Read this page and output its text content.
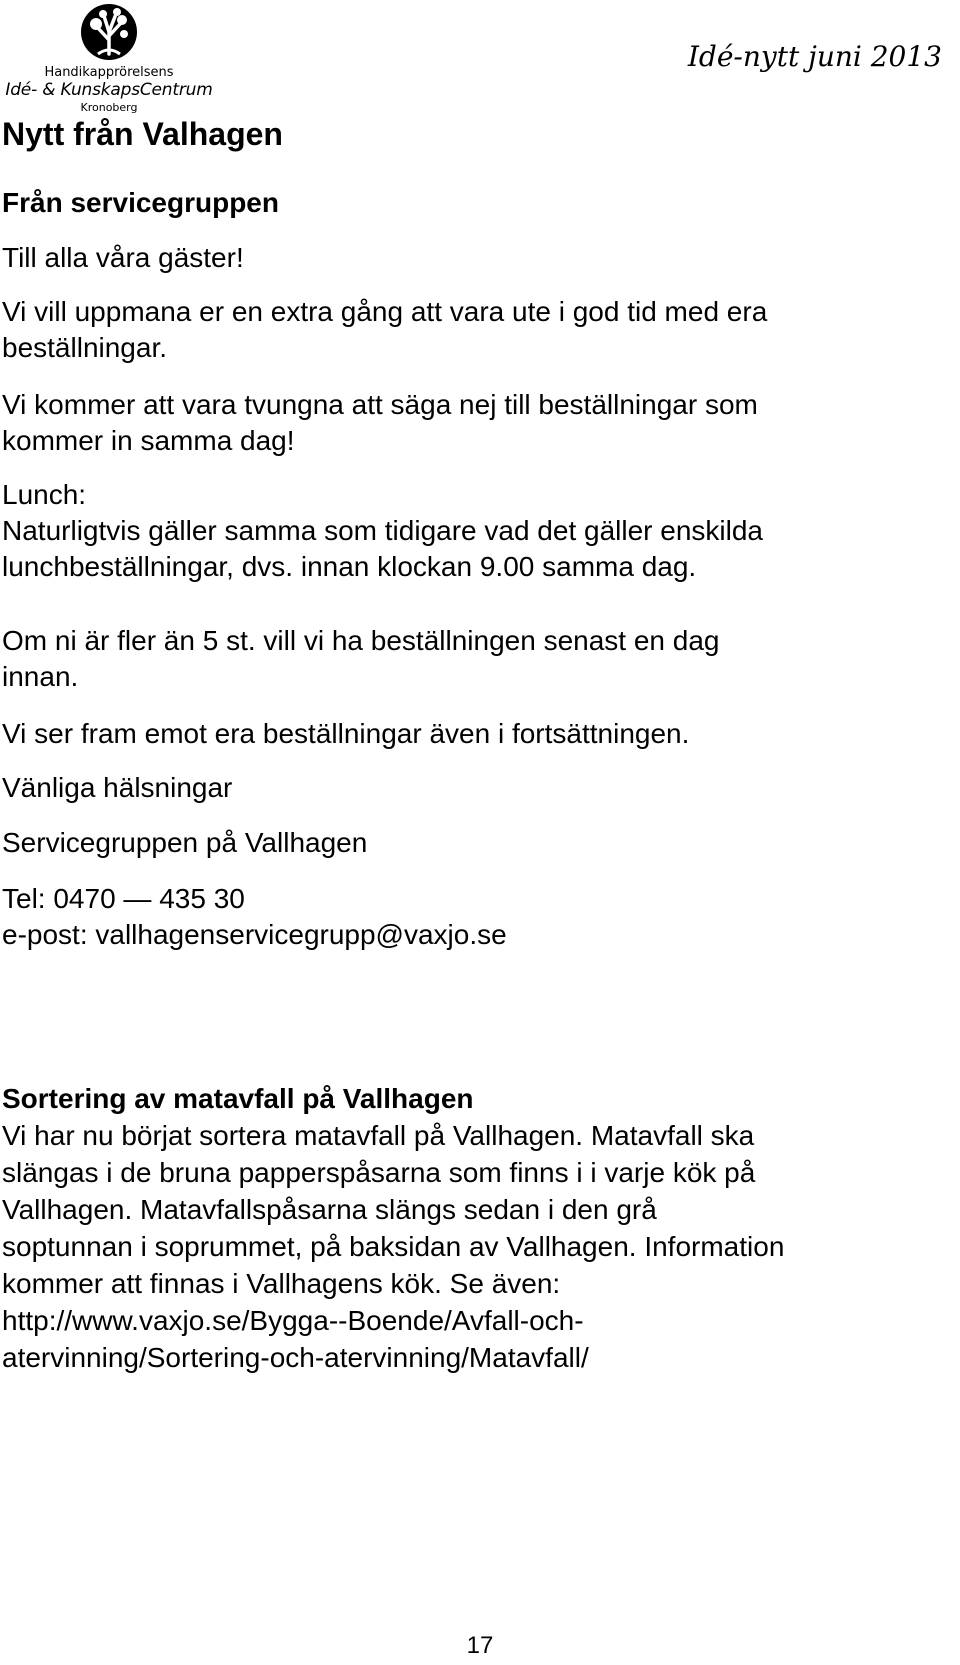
Handikapprörelsens
Idé- & KunskapsCentrum
Kronoberg
Idé-nytt juni 2013
Nytt från Valhagen
Från servicegruppen
Till alla våra gäster!
Vi vill uppmana er en extra gång att vara ute i god tid med era
beställningar.
Vi kommer att vara tvungna att säga nej till beställningar som
kommer in samma dag!
Lunch:
Naturligtvis gäller samma som tidigare vad det gäller enskilda
lunchbeställningar, dvs. innan klockan 9.00 samma dag.
Om ni är fler än 5 st. vill vi ha beställningen senast en dag
innan.
Vi ser fram emot era beställningar även i fortsättningen.
Vänliga hälsningar
Servicegruppen på Vallhagen
Tel: 0470 — 435 30
e-post: vallhagenservicegrupp@vaxjo.se
Sortering av matavfall på Vallhagen
Vi har nu börjat sortera matavfall på Vallhagen. Matavfall ska
slängas i de bruna papperspåsarna som finns i i varje kök på
Vallhagen. Matavfallspåsarna slängs sedan i den grå
soptunnan i soprummet, på baksidan av Vallhagen. Information
kommer att finnas i Vallhagens kök. Se även:
http://www.vaxjo.se/Bygga--Boende/Avfall-och-
atervinning/Sortering-och-atervinning/Matavfall/
17
